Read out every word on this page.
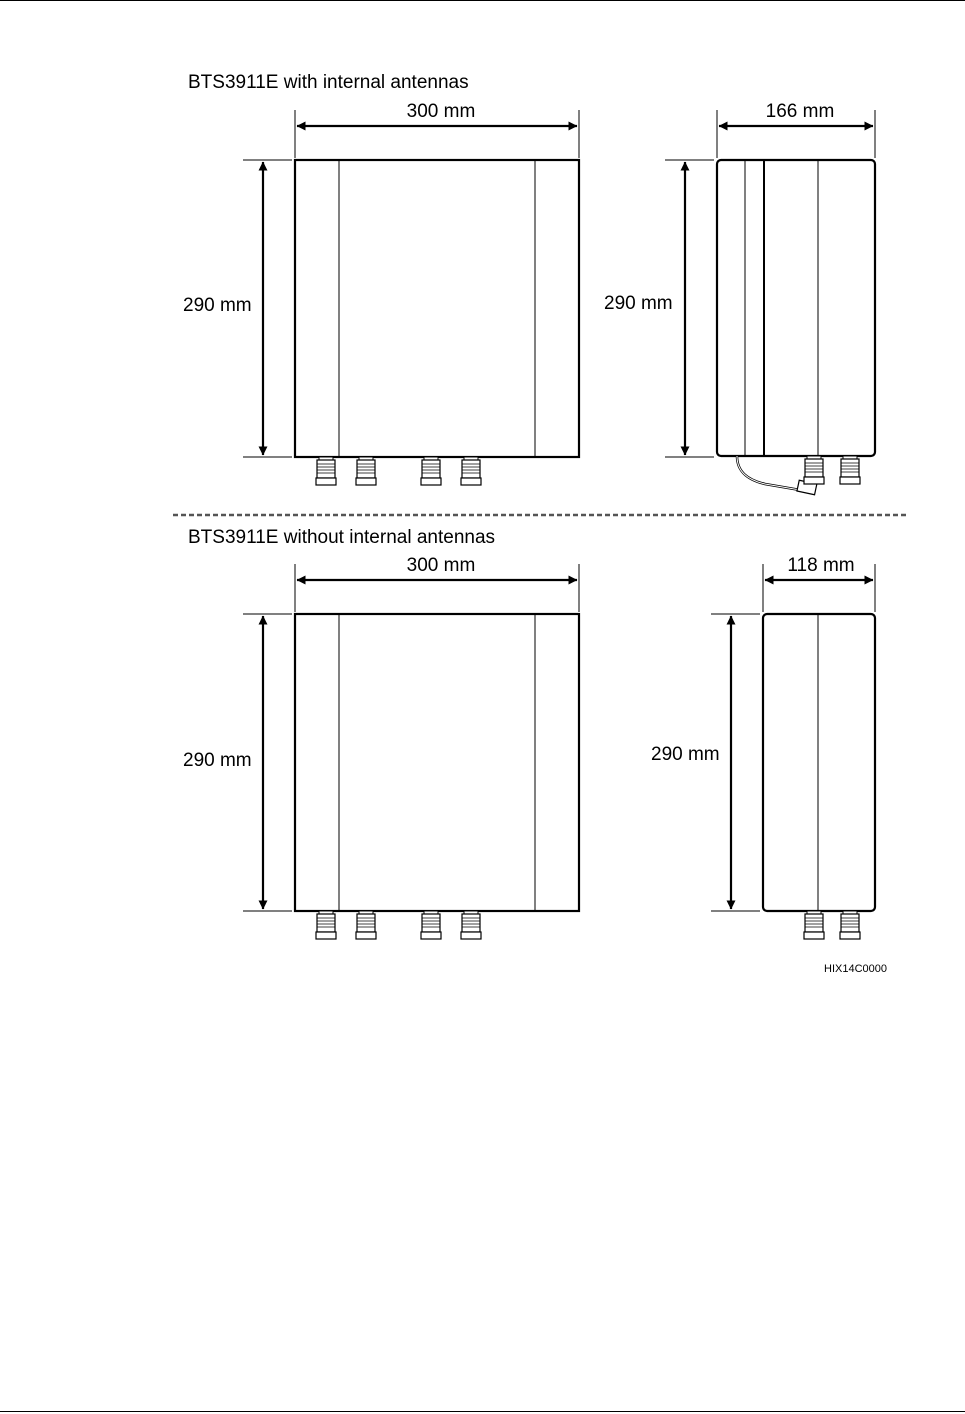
BTS3911E with internal antennas
300 mm
290 mm
166 mm
290 mm
BTS3911E without internal antennas
300 mm
290 mm
118 mm
290 mm
HIX14C0000
